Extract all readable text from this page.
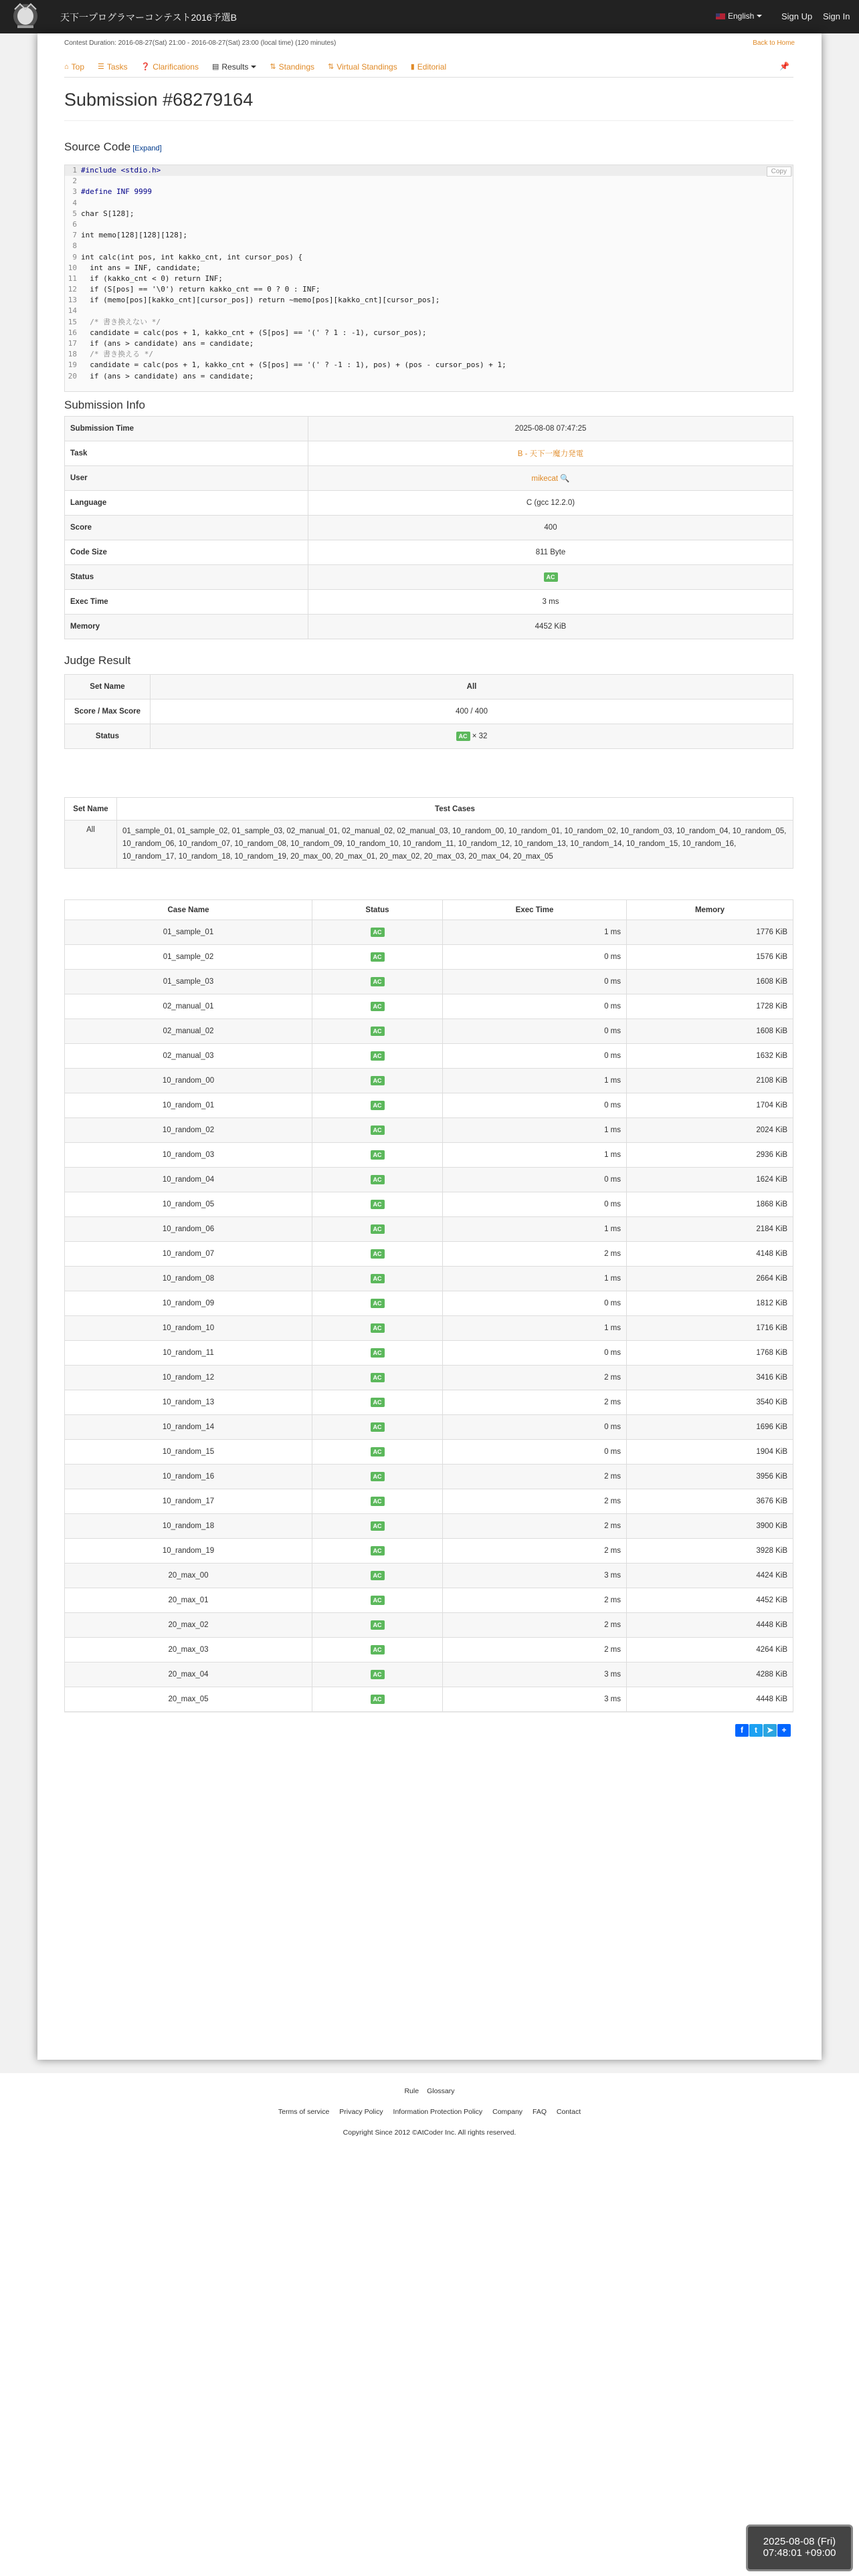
天下一プログラマーコンテスト2016予選B	English	Sign Up Sign In
Contest Duration: 2016-08-27(Sat) 21:00 - 2016-08-27(Sat) 23:00 (local time) (120 minutes)	Back to Home
⌂ Top ☰ Tasks ❓ Clarifications ▤ Results	⇅ Standings ⇅ Virtual Standings ▮ Editorial	📌
Submission #68279164
Source Code [Expand]
Copy
1 #include <stdio.h>
2
3 #define INF 9999
4
5 char S[128];
6
7 int memo[128][128][128];
8
9 int calc(int pos, int kakko_cnt, int cursor_pos) {
10 int ans = INF, candidate;
11 if (kakko_cnt < 0) return INF;
12 if (S[pos] == '\0') return kakko_cnt == 0 ? 0 : INF;
13 if (memo[pos][kakko_cnt][cursor_pos]) return ~memo[pos][kakko_cnt][cursor_pos];
14
15 /* 書き換えない */
16 candidate = calc(pos + 1, kakko_cnt + (S[pos] == '(' ? 1 : -1), cursor_pos);
17 if (ans > candidate) ans = candidate;
18 /* 書き換える */
19 candidate = calc(pos + 1, kakko_cnt + (S[pos] == '(' ? -1 : 1), pos) + (pos - cursor_pos) + 1;
20 if (ans > candidate) ans = candidate;
Submission Info
Submission Time	2025-08-08 07:47:25
Task	B - 天下一魔力発電
User	mikecat 🔍
Language	C (gcc 12.2.0)
Score	400
Code Size	811 Byte
Status	AC
Exec Time	3 ms
Memory	4452 KiB
Judge Result
Set Name	All
Score / Max Score	400 / 400
Status	AC × 32
Set Name	Test Cases
All	01_sample_01, 01_sample_02, 01_sample_03, 02_manual_01, 02_manual_02, 02_manual_03, 10_random_00, 10_random_01, 10_random_02, 10_random_03, 10_random_04, 10_random_05, 10_random_06, 10_random_07, 10_random_08, 10_random_09, 10_random_10, 10_random_11, 10_random_12, 10_random_13, 10_random_14, 10_random_15, 10_random_16, 10_random_17, 10_random_18, 10_random_19, 20_max_00, 20_max_01, 20_max_02, 20_max_03, 20_max_04, 20_max_05
Case Name	Status	Exec Time	Memory
01_sample_01	AC	1 ms	1776 KiB
01_sample_02	AC	0 ms	1576 KiB
01_sample_03	AC	0 ms	1608 KiB
02_manual_01	AC	0 ms	1728 KiB
02_manual_02	AC	0 ms	1608 KiB
02_manual_03	AC	0 ms	1632 KiB
10_random_00	AC	1 ms	2108 KiB
10_random_01	AC	0 ms	1704 KiB
10_random_02	AC	1 ms	2024 KiB
10_random_03	AC	1 ms	2936 KiB
10_random_04	AC	0 ms	1624 KiB
10_random_05	AC	0 ms	1868 KiB
10_random_06	AC	1 ms	2184 KiB
10_random_07	AC	2 ms	4148 KiB
10_random_08	AC	1 ms	2664 KiB
10_random_09	AC	0 ms	1812 KiB
10_random_10	AC	1 ms	1716 KiB
10_random_11	AC	0 ms	1768 KiB
10_random_12	AC	2 ms	3416 KiB
10_random_13	AC	2 ms	3540 KiB
10_random_14	AC	0 ms	1696 KiB
10_random_15	AC	0 ms	1904 KiB
10_random_16	AC	2 ms	3956 KiB
10_random_17	AC	2 ms	3676 KiB
10_random_18	AC	2 ms	3900 KiB
10_random_19	AC	2 ms	3928 KiB
20_max_00	AC	3 ms	4424 KiB
20_max_01	AC	2 ms	4452 KiB
20_max_02	AC	2 ms	4448 KiB
20_max_03	AC	2 ms	4264 KiB
20_max_04	AC	3 ms	4288 KiB
20_max_05	AC	3 ms	4448 KiB
f	t	➤	+
Rule Glossary
Terms of service Privacy Policy Information Protection Policy Company FAQ Contact
Copyright Since 2012 ©AtCoder Inc. All rights reserved.
2025-08-08 (Fri)
07:48:01 +09:00
